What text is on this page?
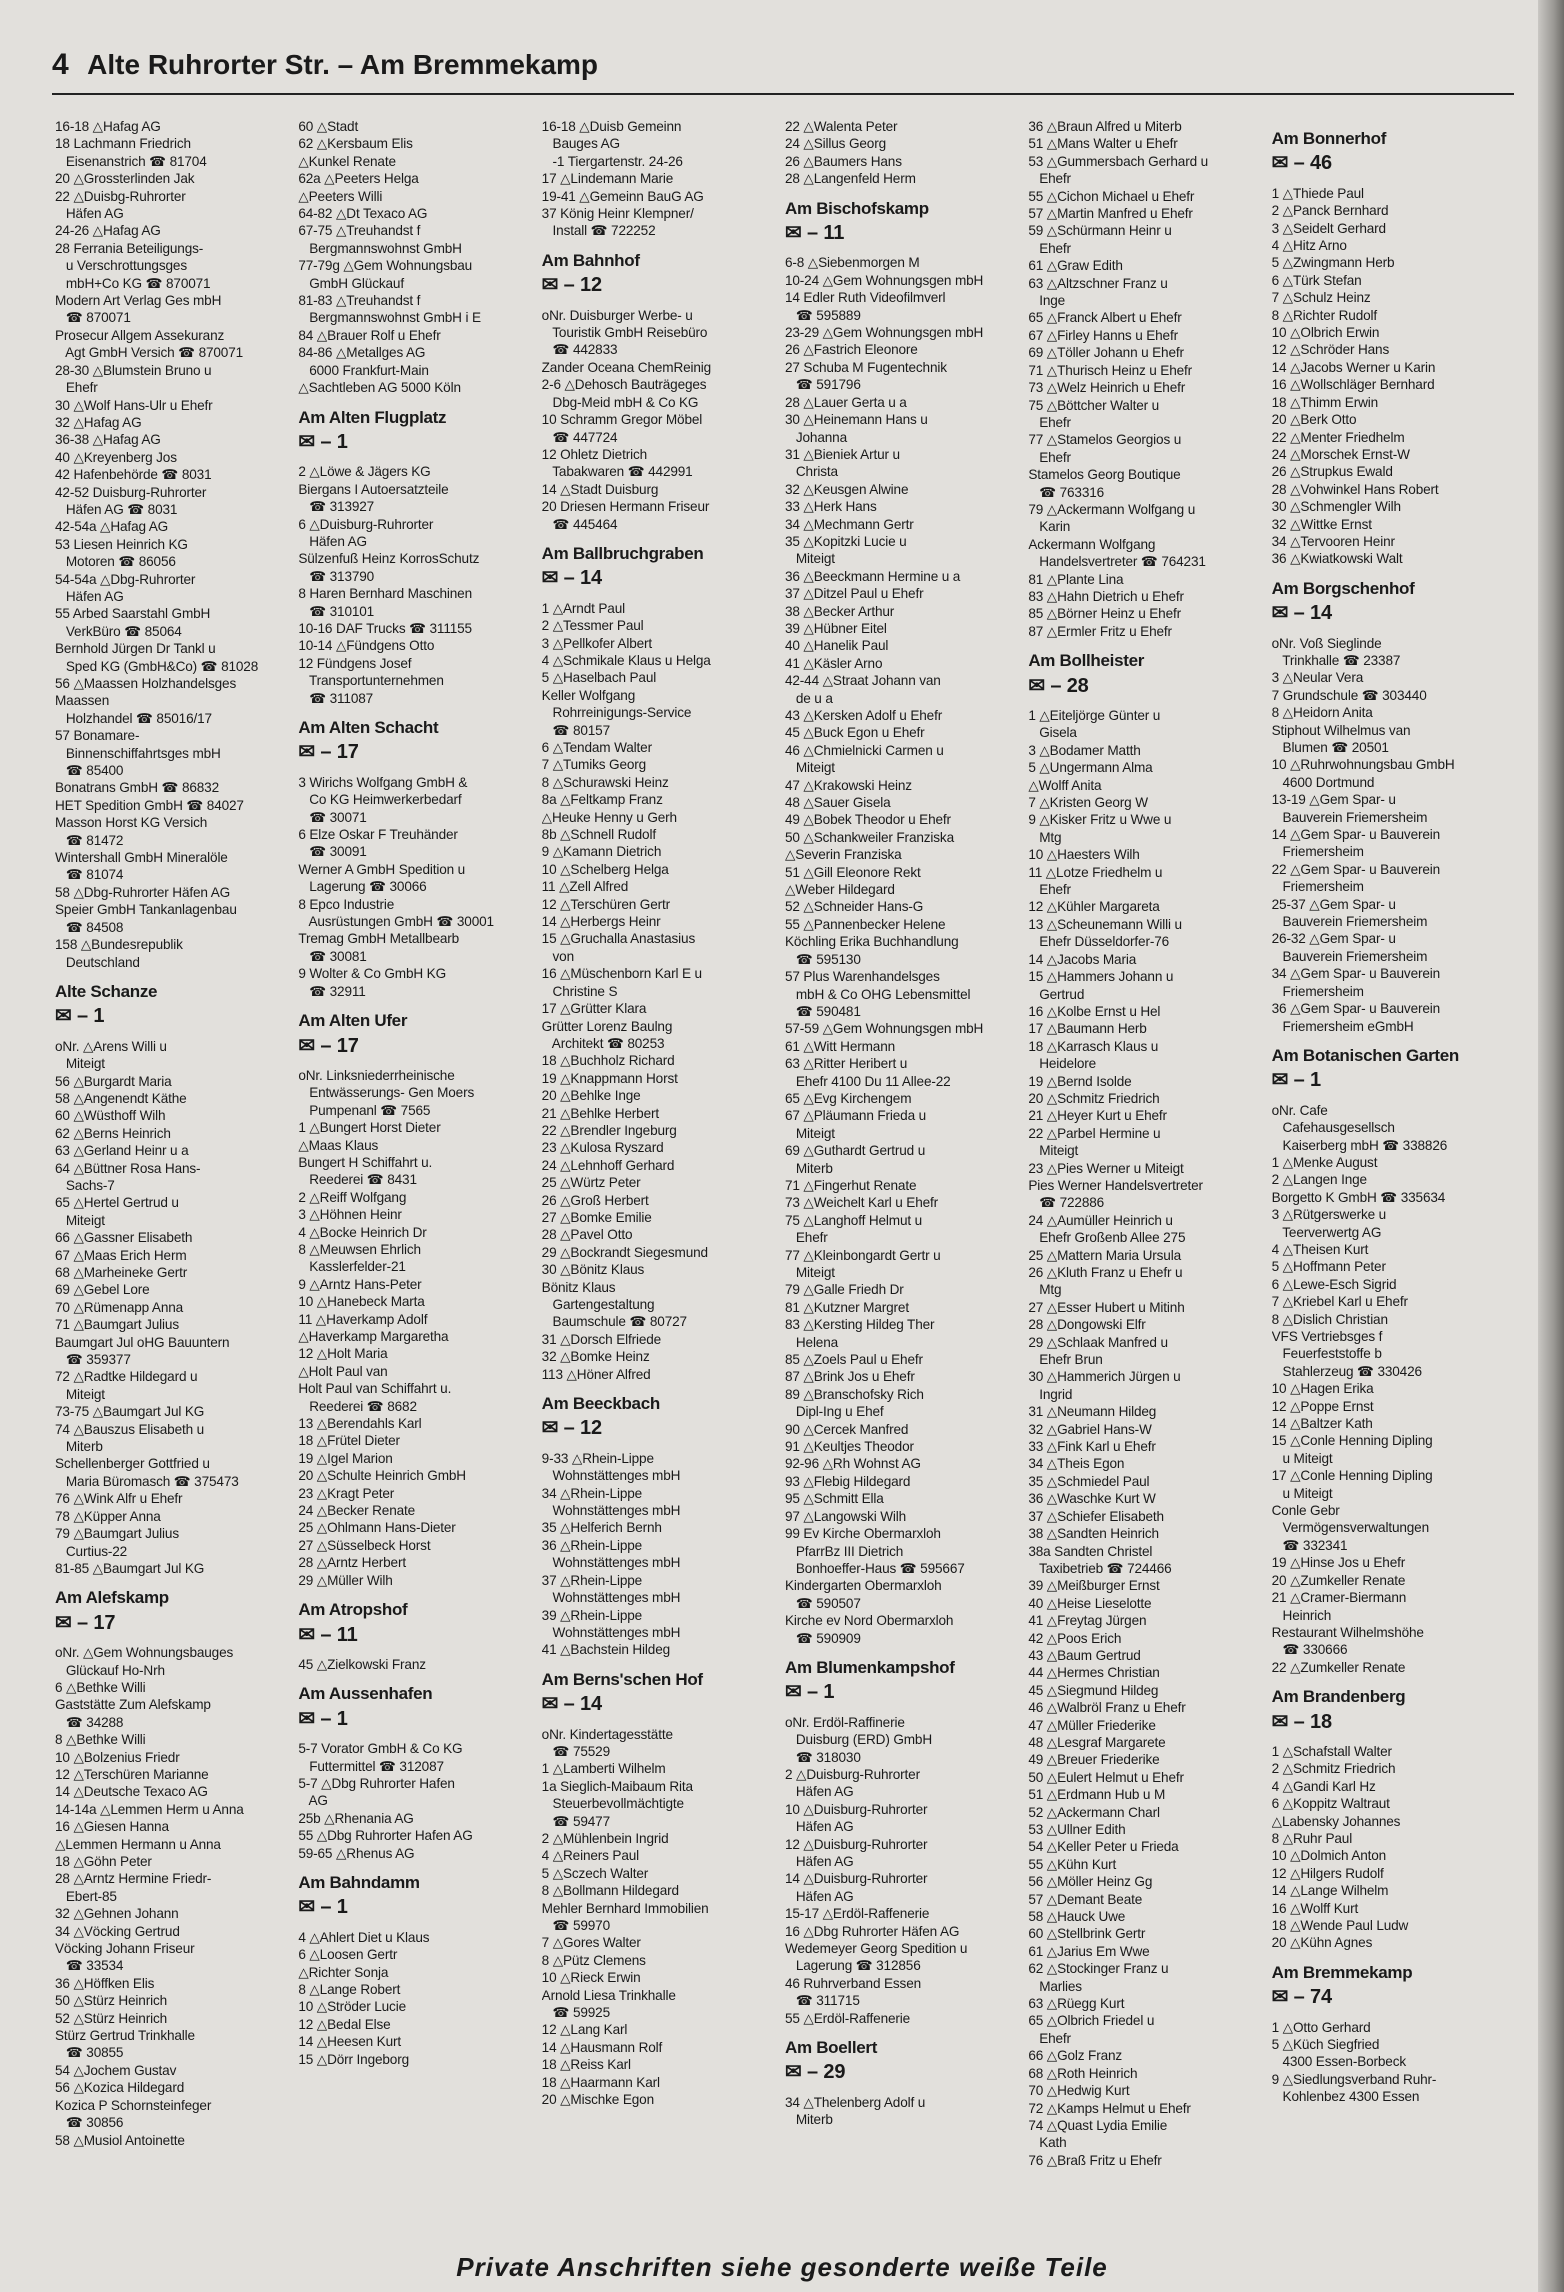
4 Alte Ruhrorter Str. – Am Bremmekamp
16-18 △Hafag AG
18 Lachmann Friedrich
Eisenanstrich ☎ 81704
20 △Grossterlinden Jak
22 △Duisbg-Ruhrorter
Häfen AG
24-26 △Hafag AG
28 Ferrania Beteiligungs-
u Verschrottungsges
mbH+Co KG ☎ 870071
Modern Art Verlag Ges mbH
☎ 870071
Prosecur Allgem Assekuranz
Agt GmbH Versich ☎ 870071
28-30 △Blumstein Bruno u
Ehefr
30 △Wolf Hans-Ulr u Ehefr
32 △Hafag AG
36-38 △Hafag AG
40 △Kreyenberg Jos
42 Hafenbehörde ☎ 8031
42-52 Duisburg-Ruhrorter
Häfen AG ☎ 8031
42-54a △Hafag AG
53 Liesen Heinrich KG
Motoren ☎ 86056
54-54a △Dbg-Ruhrorter
Häfen AG
55 Arbed Saarstahl GmbH
VerkBüro ☎ 85064
Bernhold Jürgen Dr Tankl u
Sped KG (GmbH&Co) ☎ 81028
56 △Maassen Holzhandelsges
Maassen
Holzhandel ☎ 85016/17
57 Bonamare-
Binnenschiffahrtsges mbH
☎ 85400
Bonatrans GmbH ☎ 86832
HET Spedition GmbH ☎ 84027
Masson Horst KG Versich
☎ 81472
Wintershall GmbH Mineralöle
☎ 81074
58 △Dbg-Ruhrorter Häfen AG
Speier GmbH Tankanlagenbau
☎ 84508
158 △Bundesrepublik
Deutschland
Alte Schanze
✉ – 1
oNr. △Arens Willi u
Miteigt
56 △Burgardt Maria
58 △Angenendt Käthe
60 △Wüsthoff Wilh
62 △Berns Heinrich
63 △Gerland Heinr u a
64 △Büttner Rosa Hans-
Sachs-7
65 △Hertel Gertrud u
Miteigt
66 △Gassner Elisabeth
67 △Maas Erich Herm
68 △Marheineke Gertr
69 △Gebel Lore
70 △Rümenapp Anna
71 △Baumgart Julius
Baumgart Jul oHG Bauuntern
☎ 359377
72 △Radtke Hildegard u
Miteigt
73-75 △Baumgart Jul KG
74 △Bauszus Elisabeth u
Miterb
Schellenberger Gottfried u
Maria Büromasch ☎ 375473
76 △Wink Alfr u Ehefr
78 △Küpper Anna
79 △Baumgart Julius
Curtius-22
81-85 △Baumgart Jul KG
Am Alefskamp
✉ – 17
oNr. △Gem Wohnungsbauges
Glückauf Ho-Nrh
6 △Bethke Willi
Gaststätte Zum Alefskamp
☎ 34288
8 △Bethke Willi
10 △Bolzenius Friedr
12 △Terschüren Marianne
14 △Deutsche Texaco AG
14-14a △Lemmen Herm u Anna
16 △Giesen Hanna
△Lemmen Hermann u Anna
18 △Göhn Peter
28 △Arntz Hermine Friedr-
Ebert-85
32 △Gehnen Johann
34 △Vöcking Gertrud
Vöcking Johann Friseur
☎ 33534
36 △Höffken Elis
50 △Stürz Heinrich
52 △Stürz Heinrich
Stürz Gertrud Trinkhalle
☎ 30855
54 △Jochem Gustav
56 △Kozica Hildegard
Kozica P Schornsteinfeger
☎ 30856
58 △Musiol Antoinette
60 △Stadt
62 △Kersbaum Elis
△Kunkel Renate
62a △Peeters Helga
△Peeters Willi
64-82 △Dt Texaco AG
67-75 △Treuhandst f
Bergmannswohnst GmbH
77-79g △Gem Wohnungsbau
GmbH Glückauf
81-83 △Treuhandst f
Bergmannswohnst GmbH i E
84 △Brauer Rolf u Ehefr
84-86 △Metallges AG
6000 Frankfurt-Main
△Sachtleben AG 5000 Köln
Am Alten Flugplatz
✉ – 1
2 △Löwe & Jägers KG
Biergans I Autoersatzteile
☎ 313927
6 △Duisburg-Ruhrorter
Häfen AG
Sülzenfuß Heinz KorrosSchutz
☎ 313790
8 Haren Bernhard Maschinen
☎ 310101
10-16 DAF Trucks ☎ 311155
10-14 △Fündgens Otto
12 Fündgens Josef
Transportunternehmen
☎ 311087
Am Alten Schacht
✉ – 17
3 Wirichs Wolfgang GmbH &
Co KG Heimwerkerbedarf
☎ 30071
6 Elze Oskar F Treuhänder
☎ 30091
Werner A GmbH Spedition u
Lagerung ☎ 30066
8 Epco Industrie
Ausrüstungen GmbH ☎ 30001
Tremag GmbH Metallbearb
☎ 30081
9 Wolter & Co GmbH KG
☎ 32911
Am Alten Ufer
✉ – 17
oNr. Linksniederrheinische
Entwässerungs- Gen Moers
Pumpenanl ☎ 7565
1 △Bungert Horst Dieter
△Maas Klaus
Bungert H Schiffahrt u.
Reederei ☎ 8431
2 △Reiff Wolfgang
3 △Höhnen Heinr
4 △Bocke Heinrich Dr
8 △Meuwsen Ehrlich
Kasslerfelder-21
9 △Arntz Hans-Peter
10 △Hanebeck Marta
11 △Haverkamp Adolf
△Haverkamp Margaretha
12 △Holt Maria
△Holt Paul van
Holt Paul van Schiffahrt u.
Reederei ☎ 8682
13 △Berendahls Karl
18 △Frütel Dieter
19 △Igel Marion
20 △Schulte Heinrich GmbH
23 △Kragt Peter
24 △Becker Renate
25 △Ohlmann Hans-Dieter
27 △Süsselbeck Horst
28 △Arntz Herbert
29 △Müller Wilh
Am Atropshof
✉ – 11
45 △Zielkowski Franz
Am Aussenhafen
✉ – 1
5-7 Vorator GmbH & Co KG
Futtermittel ☎ 312087
5-7 △Dbg Ruhrorter Hafen
AG
25b △Rhenania AG
55 △Dbg Ruhrorter Hafen AG
59-65 △Rhenus AG
Am Bahndamm
✉ – 1
4 △Ahlert Diet u Klaus
6 △Loosen Gertr
△Richter Sonja
8 △Lange Robert
10 △Ströder Lucie
12 △Bedal Else
14 △Heesen Kurt
15 △Dörr Ingeborg
16-18 △Duisb Gemeinn
Bauges AG
-1 Tiergartenstr. 24-26
17 △Lindemann Marie
19-41 △Gemeinn BauG AG
37 König Heinr Klempner/
Install ☎ 722252
Am Bahnhof
✉ – 12
oNr. Duisburger Werbe- u
Touristik GmbH Reisebüro
☎ 442833
Zander Oceana ChemReinig
2-6 △Dehosch Bauträgeges
Dbg-Meid mbH & Co KG
10 Schramm Gregor Möbel
☎ 447724
12 Ohletz Dietrich
Tabakwaren ☎ 442991
14 △Stadt Duisburg
20 Driesen Hermann Friseur
☎ 445464
Am Ballbruchgraben
✉ – 14
1 △Arndt Paul
2 △Tessmer Paul
3 △Pellkofer Albert
4 △Schmikale Klaus u Helga
5 △Haselbach Paul
Keller Wolfgang
Rohrreinigungs-Service
☎ 80157
6 △Tendam Walter
7 △Tumiks Georg
8 △Schurawski Heinz
8a △Feltkamp Franz
△Heuke Henny u Gerh
8b △Schnell Rudolf
9 △Kamann Dietrich
10 △Schelberg Helga
11 △Zell Alfred
12 △Terschüren Gertr
14 △Herbergs Heinr
15 △Gruchalla Anastasius
von
16 △Müschenborn Karl E u
Christine S
17 △Grütter Klara
Grütter Lorenz Baulng
Architekt ☎ 80253
18 △Buchholz Richard
19 △Knappmann Horst
20 △Behlke Inge
21 △Behlke Herbert
22 △Brendler Ingeburg
23 △Kulosa Ryszard
24 △Lehnhoff Gerhard
25 △Würtz Peter
26 △Groß Herbert
27 △Bomke Emilie
28 △Pavel Otto
29 △Bockrandt Siegesmund
30 △Bönitz Klaus
Bönitz Klaus
Gartengestaltung
Baumschule ☎ 80727
31 △Dorsch Elfriede
32 △Bomke Heinz
113 △Höner Alfred
Am Beeckbach
✉ – 12
9-33 △Rhein-Lippe
Wohnstättenges mbH
34 △Rhein-Lippe
Wohnstättenges mbH
35 △Helferich Bernh
36 △Rhein-Lippe
Wohnstättenges mbH
37 △Rhein-Lippe
Wohnstättenges mbH
39 △Rhein-Lippe
Wohnstättenges mbH
41 △Bachstein Hildeg
Am Berns'schen Hof
✉ – 14
oNr. Kindertagesstätte
☎ 75529
1 △Lamberti Wilhelm
1a Sieglich-Maibaum Rita
Steuerbevollmächtigte
☎ 59477
2 △Mühlenbein Ingrid
4 △Reiners Paul
5 △Sczech Walter
8 △Bollmann Hildegard
Mehler Bernhard Immobilien
☎ 59970
7 △Gores Walter
8 △Pütz Clemens
10 △Rieck Erwin
Arnold Liesa Trinkhalle
☎ 59925
12 △Lang Karl
14 △Hausmann Rolf
18 △Reiss Karl
18 △Haarmann Karl
20 △Mischke Egon
22 △Walenta Peter
24 △Sillus Georg
26 △Baumers Hans
28 △Langenfeld Herm
Am Bischofskamp
✉ – 11
6-8 △Siebenmorgen M
10-24 △Gem Wohnungsgen mbH
14 Edler Ruth Videofilmverl
☎ 595889
23-29 △Gem Wohnungsgen mbH
26 △Fastrich Eleonore
27 Schuba M Fugentechnik
☎ 591796
28 △Lauer Gerta u a
30 △Heinemann Hans u
Johanna
31 △Bieniek Artur u
Christa
32 △Keusgen Alwine
33 △Herk Hans
34 △Mechmann Gertr
35 △Kopitzki Lucie u
Miteigt
36 △Beeckmann Hermine u a
37 △Ditzel Paul u Ehefr
38 △Becker Arthur
39 △Hübner Eitel
40 △Hanelik Paul
41 △Käsler Arno
42-44 △Straat Johann van
de u a
43 △Kersken Adolf u Ehefr
45 △Buck Egon u Ehefr
46 △Chmielnicki Carmen u
Miteigt
47 △Krakowski Heinz
48 △Sauer Gisela
49 △Bobek Theodor u Ehefr
50 △Schankweiler Franziska
△Severin Franziska
51 △Gill Eleonore Rekt
△Weber Hildegard
52 △Schneider Hans-G
55 △Pannenbecker Helene
Köchling Erika Buchhandlung
☎ 595130
57 Plus Warenhandelsges
mbH & Co OHG Lebensmittel
☎ 590481
57-59 △Gem Wohnungsgen mbH
61 △Witt Hermann
63 △Ritter Heribert u
Ehefr 4100 Du 11 Allee-22
65 △Evg Kirchengem
67 △Pläumann Frieda u
Miteigt
69 △Guthardt Gertrud u
Miterb
71 △Fingerhut Renate
73 △Weichelt Karl u Ehefr
75 △Langhoff Helmut u
Ehefr
77 △Kleinbongardt Gertr u
Miteigt
79 △Galle Friedh Dr
81 △Kutzner Margret
83 △Kersting Hildeg Ther
Helena
85 △Zoels Paul u Ehefr
87 △Brink Jos u Ehefr
89 △Branschofsky Rich
Dipl-Ing u Ehef
90 △Cercek Manfred
91 △Keultjes Theodor
92-96 △Rh Wohnst AG
93 △Flebig Hildegard
95 △Schmitt Ella
97 △Langowski Wilh
99 Ev Kirche Obermarxloh
PfarrBz III Dietrich
Bonhoeffer-Haus ☎ 595667
Kindergarten Obermarxloh
☎ 590507
Kirche ev Nord Obermarxloh
☎ 590909
Am Blumenkampshof
✉ – 1
oNr. Erdöl-Raffinerie
Duisburg (ERD) GmbH
☎ 318030
2 △Duisburg-Ruhrorter
Häfen AG
10 △Duisburg-Ruhrorter
Häfen AG
12 △Duisburg-Ruhrorter
Häfen AG
14 △Duisburg-Ruhrorter
Häfen AG
15-17 △Erdöl-Raffenerie
16 △Dbg Ruhrorter Häfen AG
Wedemeyer Georg Spedition u
Lagerung ☎ 312856
46 Ruhrverband Essen
☎ 311715
55 △Erdöl-Raffenerie
Am Boellert
✉ – 29
34 △Thelenberg Adolf u
Miterb
36 △Braun Alfred u Miterb
51 △Mans Walter u Ehefr
53 △Gummersbach Gerhard u
Ehefr
55 △Cichon Michael u Ehefr
57 △Martin Manfred u Ehefr
59 △Schürmann Heinr u
Ehefr
61 △Graw Edith
63 △Altzschner Franz u
Inge
65 △Franck Albert u Ehefr
67 △Firley Hanns u Ehefr
69 △Töller Johann u Ehefr
71 △Thurisch Heinz u Ehefr
73 △Welz Heinrich u Ehefr
75 △Böttcher Walter u
Ehefr
77 △Stamelos Georgios u
Ehefr
Stamelos Georg Boutique
☎ 763316
79 △Ackermann Wolfgang u
Karin
Ackermann Wolfgang
Handelsvertreter ☎ 764231
81 △Plante Lina
83 △Hahn Dietrich u Ehefr
85 △Börner Heinz u Ehefr
87 △Ermler Fritz u Ehefr
Am Bollheister
✉ – 28
1 △Eiteljörge Günter u
Gisela
3 △Bodamer Matth
5 △Ungermann Alma
△Wolff Anita
7 △Kristen Georg W
9 △Kisker Fritz u Wwe u
Mtg
10 △Haesters Wilh
11 △Lotze Friedhelm u
Ehefr
12 △Kühler Margareta
13 △Scheunemann Willi u
Ehefr Düsseldorfer-76
14 △Jacobs Maria
15 △Hammers Johann u
Gertrud
16 △Kolbe Ernst u Hel
17 △Baumann Herb
18 △Karrasch Klaus u
Heidelore
19 △Bernd Isolde
20 △Schmitz Friedrich
21 △Heyer Kurt u Ehefr
22 △Parbel Hermine u
Miteigt
23 △Pies Werner u Miteigt
Pies Werner Handelsvertreter
☎ 722886
24 △Aumüller Heinrich u
Ehefr Großenb Allee 275
25 △Mattern Maria Ursula
26 △Kluth Franz u Ehefr u
Mtg
27 △Esser Hubert u Mitinh
28 △Dongowski Elfr
29 △Schlaak Manfred u
Ehefr Brun
30 △Hammerich Jürgen u
Ingrid
31 △Neumann Hildeg
32 △Gabriel Hans-W
33 △Fink Karl u Ehefr
34 △Theis Egon
35 △Schmiedel Paul
36 △Waschke Kurt W
37 △Schiefer Elisabeth
38 △Sandten Heinrich
38a Sandten Christel
Taxibetrieb ☎ 724466
39 △Meißburger Ernst
40 △Heise Lieselotte
41 △Freytag Jürgen
42 △Poos Erich
43 △Baum Gertrud
44 △Hermes Christian
45 △Siegmund Hildeg
46 △Walbröl Franz u Ehefr
47 △Müller Friederike
48 △Lesgraf Margarete
49 △Breuer Friederike
50 △Eulert Helmut u Ehefr
51 △Erdmann Hub u M
52 △Ackermann Charl
53 △Ullner Edith
54 △Keller Peter u Frieda
55 △Kühn Kurt
56 △Möller Heinz Gg
57 △Demant Beate
58 △Hauck Uwe
60 △Stellbrink Gertr
61 △Jarius Em Wwe
62 △Stockinger Franz u
Marlies
63 △Rüegg Kurt
65 △Olbrich Friedel u
Ehefr
66 △Golz Franz
68 △Roth Heinrich
70 △Hedwig Kurt
72 △Kamps Helmut u Ehefr
74 △Quast Lydia Emilie
Kath
76 △Braß Fritz u Ehefr
Am Bonnerhof
✉ – 46
1 △Thiede Paul
2 △Panck Bernhard
3 △Seidelt Gerhard
4 △Hitz Arno
5 △Zwingmann Herb
6 △Türk Stefan
7 △Schulz Heinz
8 △Richter Rudolf
10 △Olbrich Erwin
12 △Schröder Hans
14 △Jacobs Werner u Karin
16 △Wollschläger Bernhard
18 △Thimm Erwin
20 △Berk Otto
22 △Menter Friedhelm
24 △Morschek Ernst-W
26 △Strupkus Ewald
28 △Vohwinkel Hans Robert
30 △Schmengler Wilh
32 △Wittke Ernst
34 △Tervooren Heinr
36 △Kwiatkowski Walt
Am Borgschenhof
✉ – 14
oNr. Voß Sieglinde
Trinkhalle ☎ 23387
3 △Neular Vera
7 Grundschule ☎ 303440
8 △Heidorn Anita
Stiphout Wilhelmus van
Blumen ☎ 20501
10 △Ruhrwohnungsbau GmbH
4600 Dortmund
13-19 △Gem Spar- u
Bauverein Friemersheim
14 △Gem Spar- u Bauverein
Friemersheim
22 △Gem Spar- u Bauverein
Friemersheim
25-37 △Gem Spar- u
Bauverein Friemersheim
26-32 △Gem Spar- u
Bauverein Friemersheim
34 △Gem Spar- u Bauverein
Friemersheim
36 △Gem Spar- u Bauverein
Friemersheim eGmbH
Am Botanischen Garten
✉ – 1
oNr. Cafe
Cafehausgesellsch
Kaiserberg mbH ☎ 338826
1 △Menke August
2 △Langen Inge
Borgetto K GmbH ☎ 335634
3 △Rütgerswerke u
Teerverwertg AG
4 △Theisen Kurt
5 △Hoffmann Peter
6 △Lewe-Esch Sigrid
7 △Kriebel Karl u Ehefr
8 △Dislich Christian
VFS Vertriebsges f
Feuerfeststoffe b
Stahlerzeug ☎ 330426
10 △Hagen Erika
12 △Poppe Ernst
14 △Baltzer Kath
15 △Conle Henning Dipling
u Miteigt
17 △Conle Henning Dipling
u Miteigt
Conle Gebr
Vermögensverwaltungen
☎ 332341
19 △Hinse Jos u Ehefr
20 △Zumkeller Renate
21 △Cramer-Biermann
Heinrich
Restaurant Wilhelmshöhe
☎ 330666
22 △Zumkeller Renate
Am Brandenberg
✉ – 18
1 △Schafstall Walter
2 △Schmitz Friedrich
4 △Gandi Karl Hz
6 △Koppitz Waltraut
△Labensky Johannes
8 △Ruhr Paul
10 △Dolmich Anton
12 △Hilgers Rudolf
14 △Lange Wilhelm
16 △Wolff Kurt
18 △Wende Paul Ludw
20 △Kühn Agnes
Am Bremmekamp
✉ – 74
1 △Otto Gerhard
5 △Küch Siegfried
4300 Essen-Borbeck
9 △Siedlungsverband Ruhr-
Kohlenbez 4300 Essen
Private Anschriften siehe gesonderte weiße Teile
